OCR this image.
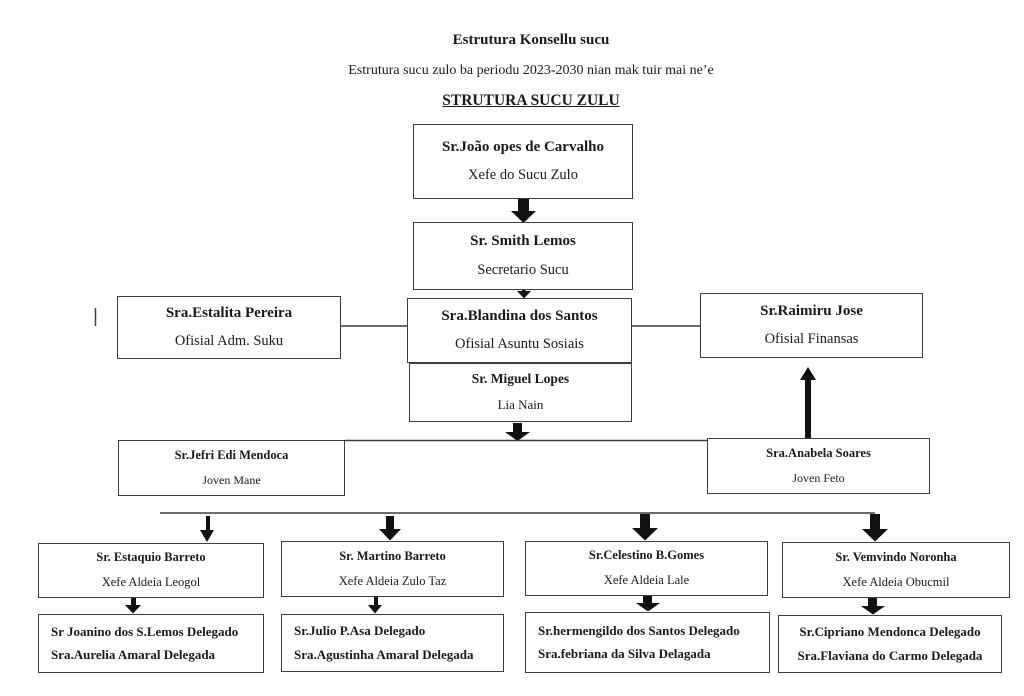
Estrutura Konsellu sucu
Estrutura sucu zulo ba periodu 2023-2030 nian mak tuir mai ne’e
STRUTURA SUCU ZULU
Sr.João opes de Carvalho
Xefe do Sucu Zulo
Sr. Smith Lemos
Secretario Sucu
Sra.Estalita Pereira
Ofisial Adm. Suku
Sra.Blandina dos Santos
Ofisial Asuntu Sosiais
Sr. Miguel Lopes
Lia Nain
Sr.Raimiru Jose
Ofisial Finansas
Sr.Jefri Edi Mendoca
Joven Mane
Sra.Anabela Soares
Joven Feto
Sr. Estaquio Barreto
Xefe Aldeia Leogol
Sr. Martino Barreto
Xefe Aldeia Zulo Taz
Sr.Celestino B.Gomes
Xefe Aldeia Lale
Sr. Vemvindo Noronha
Xefe Aldeia Obucmil
Sr Joanino dos S.Lemos Delegado
Sra.Aurelia Amaral Delegada
Sr.Julio P.Asa Delegado
Sra.Agustinha Amaral Delegada
Sr.hermengildo dos Santos Delegado
Sra.febriana da Silva Delagada
Sr.Cipriano Mendonca Delegado
Sra.Flaviana do Carmo Delegada
